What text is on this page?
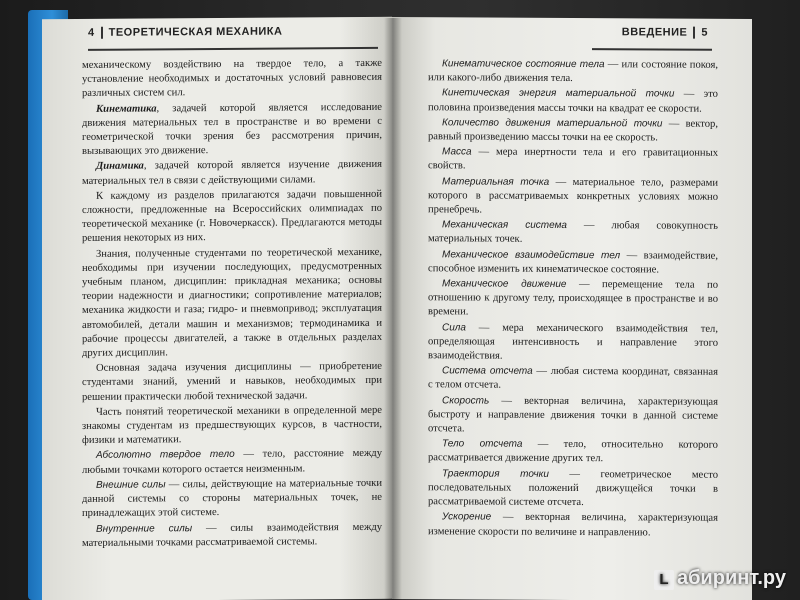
4 ТЕОРЕТИЧЕСКАЯ МЕХАНИКА

механическому воздействию на твердое тело, а также установление необходимых и достаточных условий равновесия различных систем сил.

Кинематика, задачей которой является исследование движения материальных тел в пространстве и во времени с геометрической точки зрения без рассмотрения причин, вызывающих это движение.

Динамика, задачей которой является изучение движения материальных тел в связи с действующими силами.

К каждому из разделов прилагаются задачи повышенной сложности, предложенные на Всероссийских олимпиадах по теоретической механике (г. Новочеркасск). Предлагаются методы решения некоторых из них.

Знания, полученные студентами по теоретической механике, необходимы при изучении последующих, предусмотренных учебным планом, дисциплин: прикладная механика; основы теории надежности и диагностики; сопротивление материалов; механика жидкости и газа; гидро- и пневмопривод; эксплуатация автомобилей, детали машин и механизмов; термодинамика и рабочие процессы двигателей, а также в отдельных разделах других дисциплин.

Основная задача изучения дисциплины — приобретение студентами знаний, умений и навыков, необходимых при решении практически любой технической задачи.

Часть понятий теоретической механики в определенной мере знакомы студентам из предшествующих курсов, в частности, физики и математики.

Абсолютно твердое тело — тело, расстояние между любыми точками которого остается неизменным.

Внешние силы — силы, действующие на материальные точки данной системы со стороны материальных точек, не принадлежащих этой системе.

Внутренние силы — силы взаимодействия между материальными точками рассматриваемой системы.

ВВЕДЕНИЕ 5

Кинематическое состояние тела — или состояние покоя, или какого-либо движения тела.

Кинетическая энергия материальной точки — это половина произведения массы точки на квадрат ее скорости.

Количество движения материальной точки — вектор, равный произведению массы точки на ее скорость.

Масса — мера инертности тела и его гравитационных свойств.

Материальная точка — материальное тело, размерами которого в рассматриваемых конкретных условиях можно пренебречь.

Механическая система — любая совокупность материальных точек.

Механическое взаимодействие тел — взаимодействие, способное изменить их кинематическое состояние.

Механическое движение — перемещение тела по отношению к другому телу, происходящее в пространстве и во времени.

Сила — мера механического взаимодействия тел, определяющая интенсивность и направление этого взаимодействия.

Система отсчета — любая система координат, связанная с телом отсчета.

Скорость — векторная величина, характеризующая быстроту и направление движения точки в данной системе отсчета.

Тело отсчета — тело, относительно которого рассматривается движение других тел.

Траектория точки — геометрическое место последовательных положений движущейся точки в рассматриваемой системе отсчета.

Ускорение — векторная величина, характеризующая изменение скорости по величине и направлению.

L абиринт.ру
